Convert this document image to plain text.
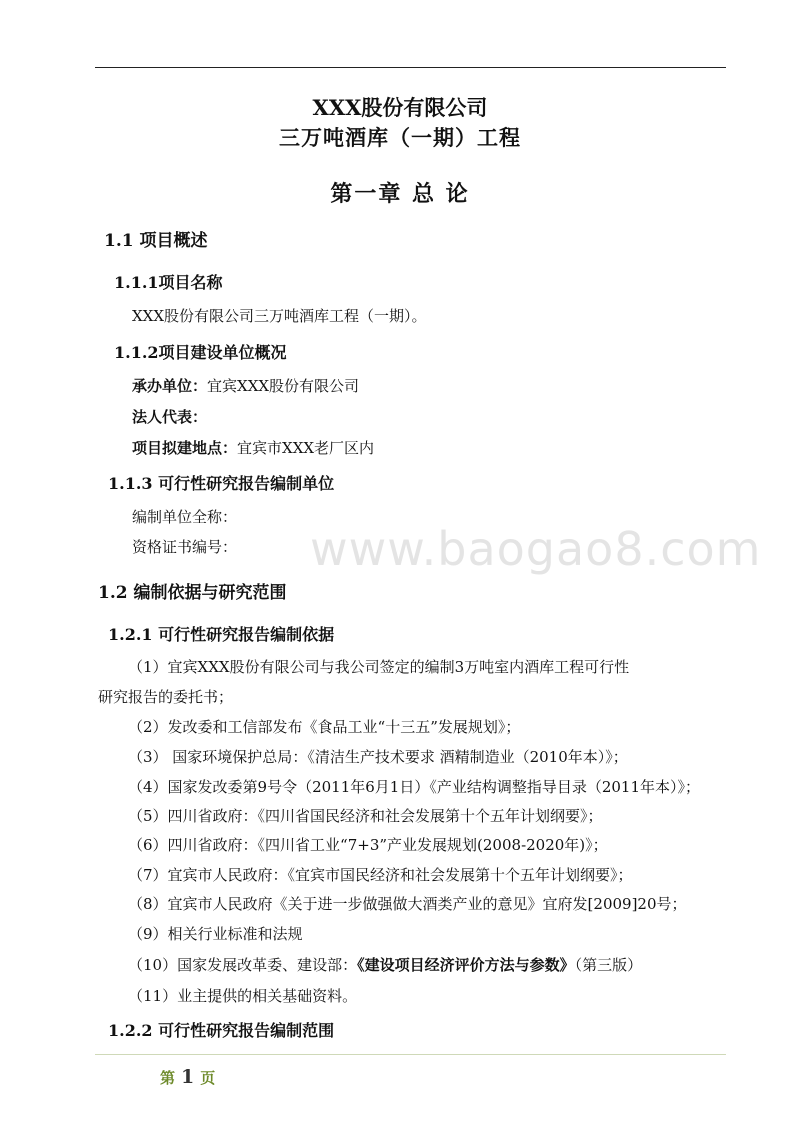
XXX股份有限公司
三万吨酒库（一期）工程
第一章 总 论
1.1 项目概述
1.1.1项目名称
XXX股份有限公司三万吨酒库工程（一期）。
1.1.2项目建设单位概况
承办单位：宜宾XXX股份有限公司
法人代表：
项目拟建地点：宜宾市XXX老厂区内
1.1.3 可行性研究报告编制单位
编制单位全称：
资格证书编号： www.baogao8.com
1.2 编制依据与研究范围
1.2.1 可行性研究报告编制依据
（1）宜宾XXX股份有限公司与我公司签定的编制3万吨室内酒库工程可行性
研究报告的委托书；
（2）发改委和工信部发布《食品工业“十三五”发展规划》；
（3） 国家环境保护总局：《清洁生产技术要求 酒精制造业（2010年本）》；
（4）国家发改委第9号令（2011年6月1日）《产业结构调整指导目录（2011年本）》；
（5）四川省政府：《四川省国民经济和社会发展第十个五年计划纲要》；
（6）四川省政府：《四川省工业“7+3”产业发展规划(2008-2020年)》；
（7）宜宾市人民政府：《宜宾市国民经济和社会发展第十个五年计划纲要》；
（8）宜宾市人民政府《关于进一步做强做大酒类产业的意见》宜府发[2009]20号；
（9）相关行业标准和法规
（10）国家发展改革委、建设部：《建设项目经济评价方法与参数》（第三版）
（11）业主提供的相关基础资料。
1.2.2 可行性研究报告编制范围
第 1 页
